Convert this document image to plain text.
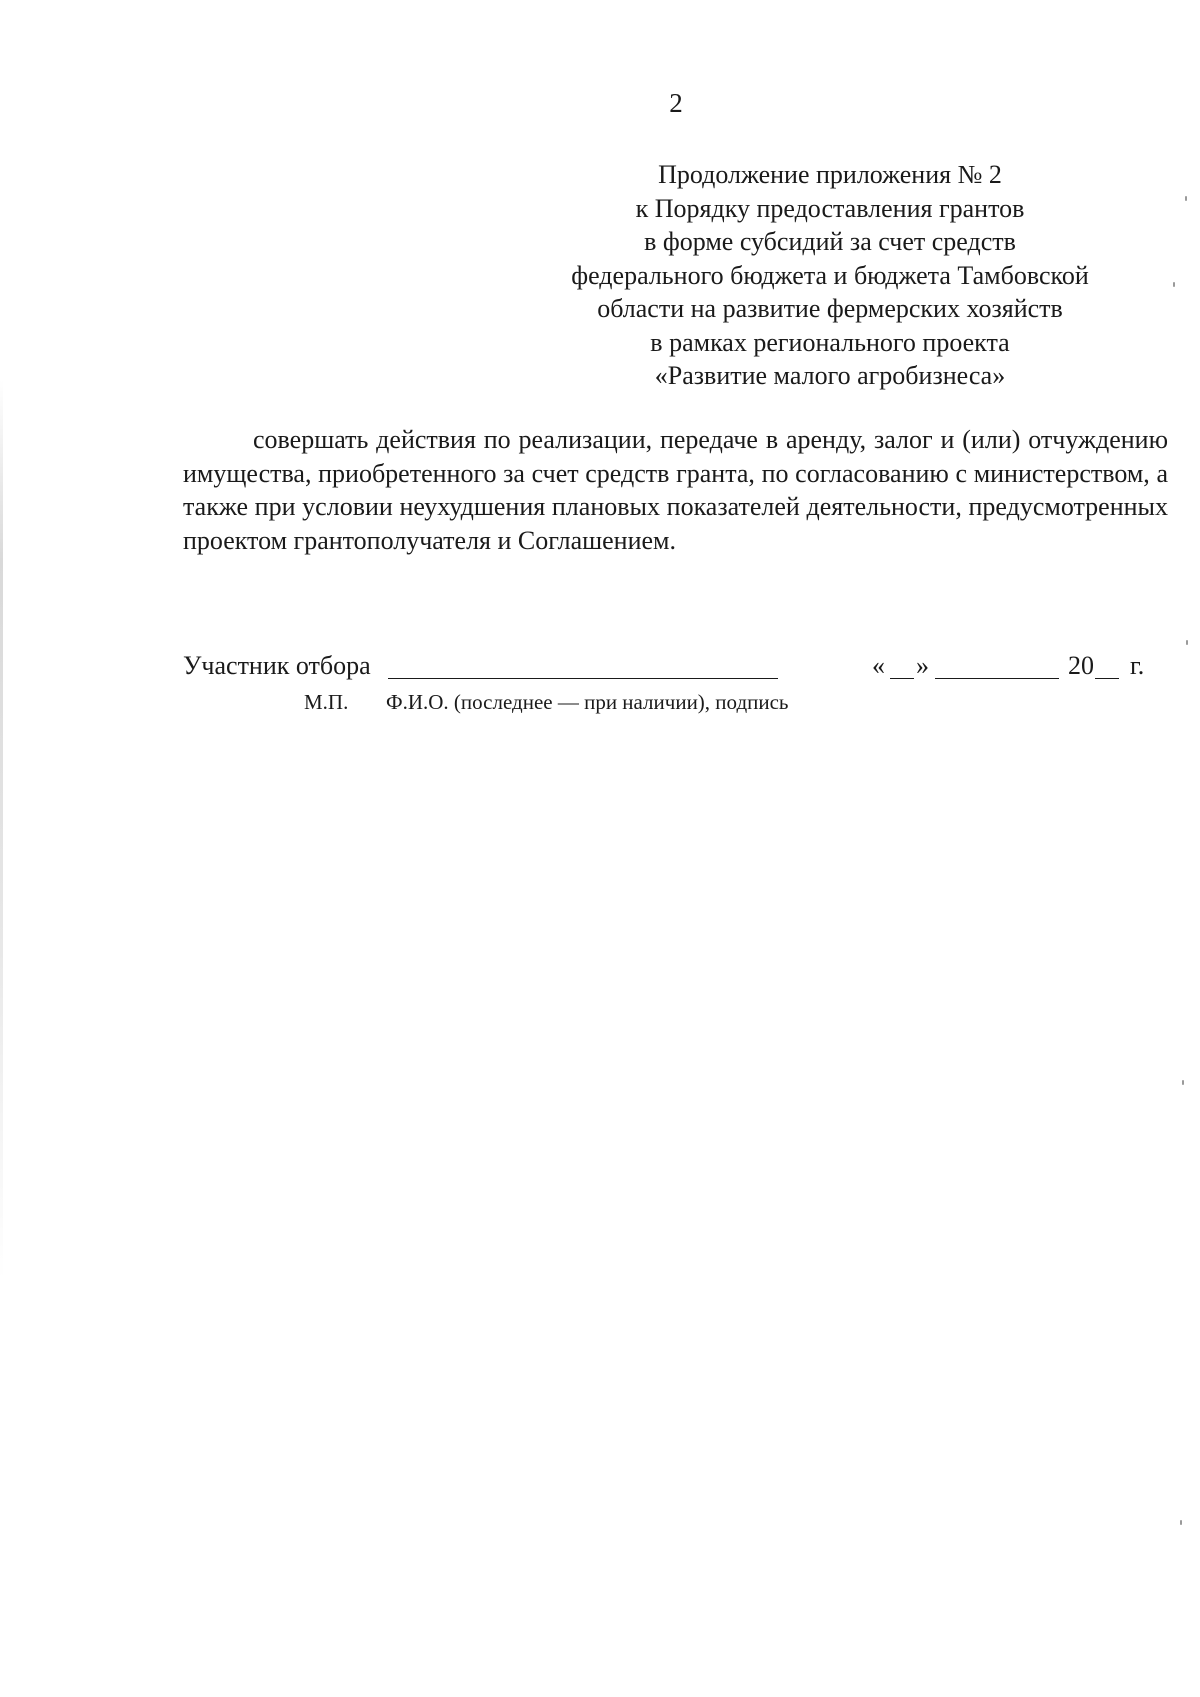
2
Продолжение приложения № 2
к Порядку предоставления грантов
в форме субсидий за счет средств
федерального бюджета и бюджета Тамбовской
области на развитие фермерских хозяйств
в рамках регионального проекта
«Развитие малого агробизнеса»
совершать действия по реализации, передаче в аренду, залог и (или) отчуждению имущества, приобретенного за счет средств гранта, по согласованию с министерством, а также при условии неухудшения плановых показателей деятельности, предусмотренных проектом грантополучателя и Соглашением.
Участник отбора	« »	20 г.
М.П. Ф.И.О. (последнее — при наличии), подпись
